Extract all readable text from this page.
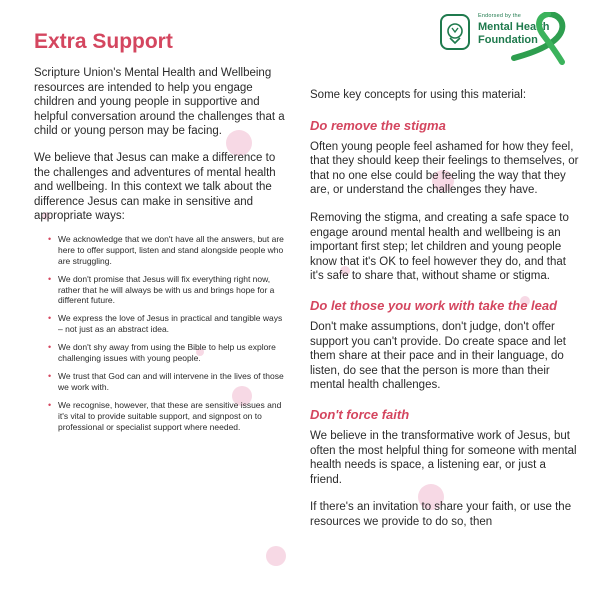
Endorsed by the
Mental Health
Foundation
Extra Support

Scripture Union's Mental Health and Wellbeing resources are intended to help you engage children and young people in supportive and helpful conversation around the challenges that a child or young person may be facing.

We believe that Jesus can make a difference to the challenges and adventures of mental health and wellbeing. In this context we talk about the difference Jesus can make in sensitive and appropriate ways:

• We acknowledge that we don't have all the answers, but are here to offer support, listen and stand alongside people who are struggling.
• We don't promise that Jesus will fix everything right now, rather that he will always be with us and brings hope for a different future.
• We express the love of Jesus in practical and tangible ways – not just as an abstract idea.
• We don't shy away from using the Bible to help us explore challenging issues with young people.
• We trust that God can and will intervene in the lives of those we work with.
• We recognise, however, that these are sensitive issues and it's vital to provide suitable support, and signpost on to professional or specialist support where needed.

Some key concepts for using this material:

Do remove the stigma

Often young people feel ashamed for how they feel, that they should keep their feelings to themselves, or that no one else could be feeling the way that they are, or understand the challenges they have.

Removing the stigma, and creating a safe space to engage around mental health and wellbeing is an important first step; let children and young people know that it's OK to feel however they do, and that it's safe to share that, without shame or stigma.

Do let those you work with take the lead

Don't make assumptions, don't judge, don't offer support you can't provide. Do create space and let them share at their pace and in their language, do listen, do see that the person is more than their mental health challenges.

Don't force faith

We believe in the transformative work of Jesus, but often the most helpful thing for someone with mental health needs is space, a listening ear, or just a friend.

If there's an invitation to share your faith, or use the resources we provide to do so, then
